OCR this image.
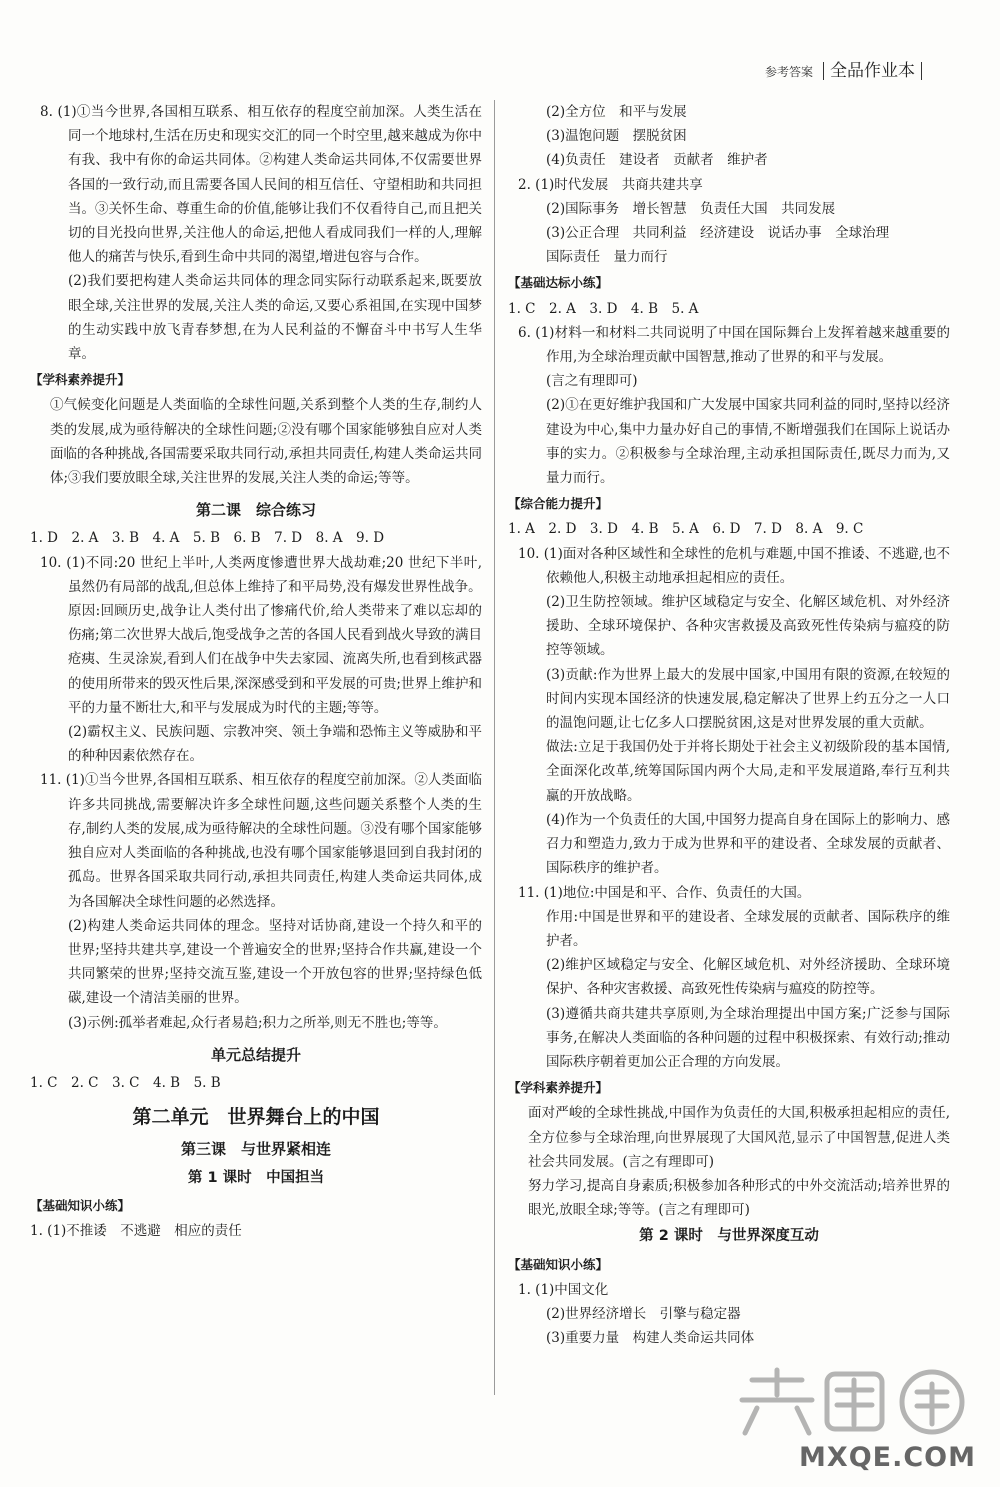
参考答案	全品作业本
8. (1)①当今世界,各国相互联系、相互依存的程度空前加深。人类生活在同一个地球村,生活在历史和现实交汇的同一个时空里,越来越成为你中有我、我中有你的命运共同体。②构建人类命运共同体,不仅需要世界各国的一致行动,而且需要各国人民间的相互信任、守望相助和共同担当。③关怀生命、尊重生命的价值,能够让我们不仅看待自己,而且把关切的目光投向世界,关注他人的命运,把他人看成同我们一样的人,理解他人的痛苦与快乐,看到生命中共同的渴望,增进包容与合作。
(2)我们要把构建人类命运共同体的理念同实际行动联系起来,既要放眼全球,关注世界的发展,关注人类的命运,又要心系祖国,在实现中国梦的生动实践中放飞青春梦想,在为人民利益的不懈奋斗中书写人生华章。
【学科素养提升】
①气候变化问题是人类面临的全球性问题,关系到整个人类的生存,制约人类的发展,成为亟待解决的全球性问题;②没有哪个国家能够独自应对人类面临的各种挑战,各国需要采取共同行动,承担共同责任,构建人类命运共同体;③我们要放眼全球,关注世界的发展,关注人类的命运;等等。
第二课　综合练习
1. D　2. A　3. B　4. A　5. B　6. B　7. D　8. A　9. D
10. (1)不同:20 世纪上半叶,人类两度惨遭世界大战劫难;20 世纪下半叶,虽然仍有局部的战乱,但总体上维持了和平局势,没有爆发世界性战争。
原因:回顾历史,战争让人类付出了惨痛代价,给人类带来了难以忘却的伤痛;第二次世界大战后,饱受战争之苦的各国人民看到战火导致的满目疮痍、生灵涂炭,看到人们在战争中失去家园、流离失所,也看到核武器的使用所带来的毁灭性后果,深深感受到和平发展的可贵;世界上维护和平的力量不断壮大,和平与发展成为时代的主题;等等。
(2)霸权主义、民族问题、宗教冲突、领土争端和恐怖主义等威胁和平的种种因素依然存在。
11. (1)①当今世界,各国相互联系、相互依存的程度空前加深。②人类面临许多共同挑战,需要解决许多全球性问题,这些问题关系整个人类的生存,制约人类的发展,成为亟待解决的全球性问题。③没有哪个国家能够独自应对人类面临的各种挑战,也没有哪个国家能够退回到自我封闭的孤岛。世界各国采取共同行动,承担共同责任,构建人类命运共同体,成为各国解决全球性问题的必然选择。
(2)构建人类命运共同体的理念。坚持对话协商,建设一个持久和平的世界;坚持共建共享,建设一个普遍安全的世界;坚持合作共赢,建设一个共同繁荣的世界;坚持交流互鉴,建设一个开放包容的世界;坚持绿色低碳,建设一个清洁美丽的世界。
(3)示例:孤举者难起,众行者易趋;积力之所举,则无不胜也;等等。
单元总结提升
1. C　2. C　3. C　4. B　5. B
第二单元　世界舞台上的中国
第三课　与世界紧相连
第 1 课时　中国担当
【基础知识小练】
1. (1)不推诿　不逃避　相应的责任
(2)全方位　和平与发展
(3)温饱问题　摆脱贫困
(4)负责任　建设者　贡献者　维护者
2. (1)时代发展　共商共建共享
(2)国际事务　增长智慧　负责任大国　共同发展
(3)公正合理　共同利益　经济建设　说话办事　全球治理
国际责任　量力而行
【基础达标小练】
1. C　2. A　3. D　4. B　5. A
6. (1)材料一和材料二共同说明了中国在国际舞台上发挥着越来越重要的作用,为全球治理贡献中国智慧,推动了世界的和平与发展。
(言之有理即可)
(2)①在更好维护我国和广大发展中国家共同利益的同时,坚持以经济建设为中心,集中力量办好自己的事情,不断增强我们在国际上说话办事的实力。②积极参与全球治理,主动承担国际责任,既尽力而为,又量力而行。
【综合能力提升】
1. A　2. D　3. D　4. B　5. A　6. D　7. D　8. A　9. C
10. (1)面对各种区域性和全球性的危机与难题,中国不推诿、不逃避,也不依赖他人,积极主动地承担起相应的责任。
(2)卫生防控领域。维护区域稳定与安全、化解区域危机、对外经济援助、全球环境保护、各种灾害救援及高致死性传染病与瘟疫的防控等领域。
(3)贡献:作为世界上最大的发展中国家,中国用有限的资源,在较短的时间内实现本国经济的快速发展,稳定解决了世界上约五分之一人口的温饱问题,让七亿多人口摆脱贫困,这是对世界发展的重大贡献。
做法:立足于我国仍处于并将长期处于社会主义初级阶段的基本国情,全面深化改革,统筹国际国内两个大局,走和平发展道路,奉行互利共赢的开放战略。
(4)作为一个负责任的大国,中国努力提高自身在国际上的影响力、感召力和塑造力,致力于成为世界和平的建设者、全球发展的贡献者、国际秩序的维护者。
11. (1)地位:中国是和平、合作、负责任的大国。
作用:中国是世界和平的建设者、全球发展的贡献者、国际秩序的维护者。
(2)维护区域稳定与安全、化解区域危机、对外经济援助、全球环境保护、各种灾害救援、高致死性传染病与瘟疫的防控等。
(3)遵循共商共建共享原则,为全球治理提出中国方案;广泛参与国际事务,在解决人类面临的各种问题的过程中积极探索、有效行动;推动国际秩序朝着更加公正合理的方向发展。
【学科素养提升】
面对严峻的全球性挑战,中国作为负责任的大国,积极承担起相应的责任,全方位参与全球治理,向世界展现了大国风范,显示了中国智慧,促进人类社会共同发展。(言之有理即可)
努力学习,提高自身素质;积极参加各种形式的中外交流活动;培养世界的眼光,放眼全球;等等。(言之有理即可)
第 2 课时　与世界深度互动
【基础知识小练】
1. (1)中国文化
(2)世界经济增长　引擎与稳定器
(3)重要力量　构建人类命运共同体
MXQE.COM
